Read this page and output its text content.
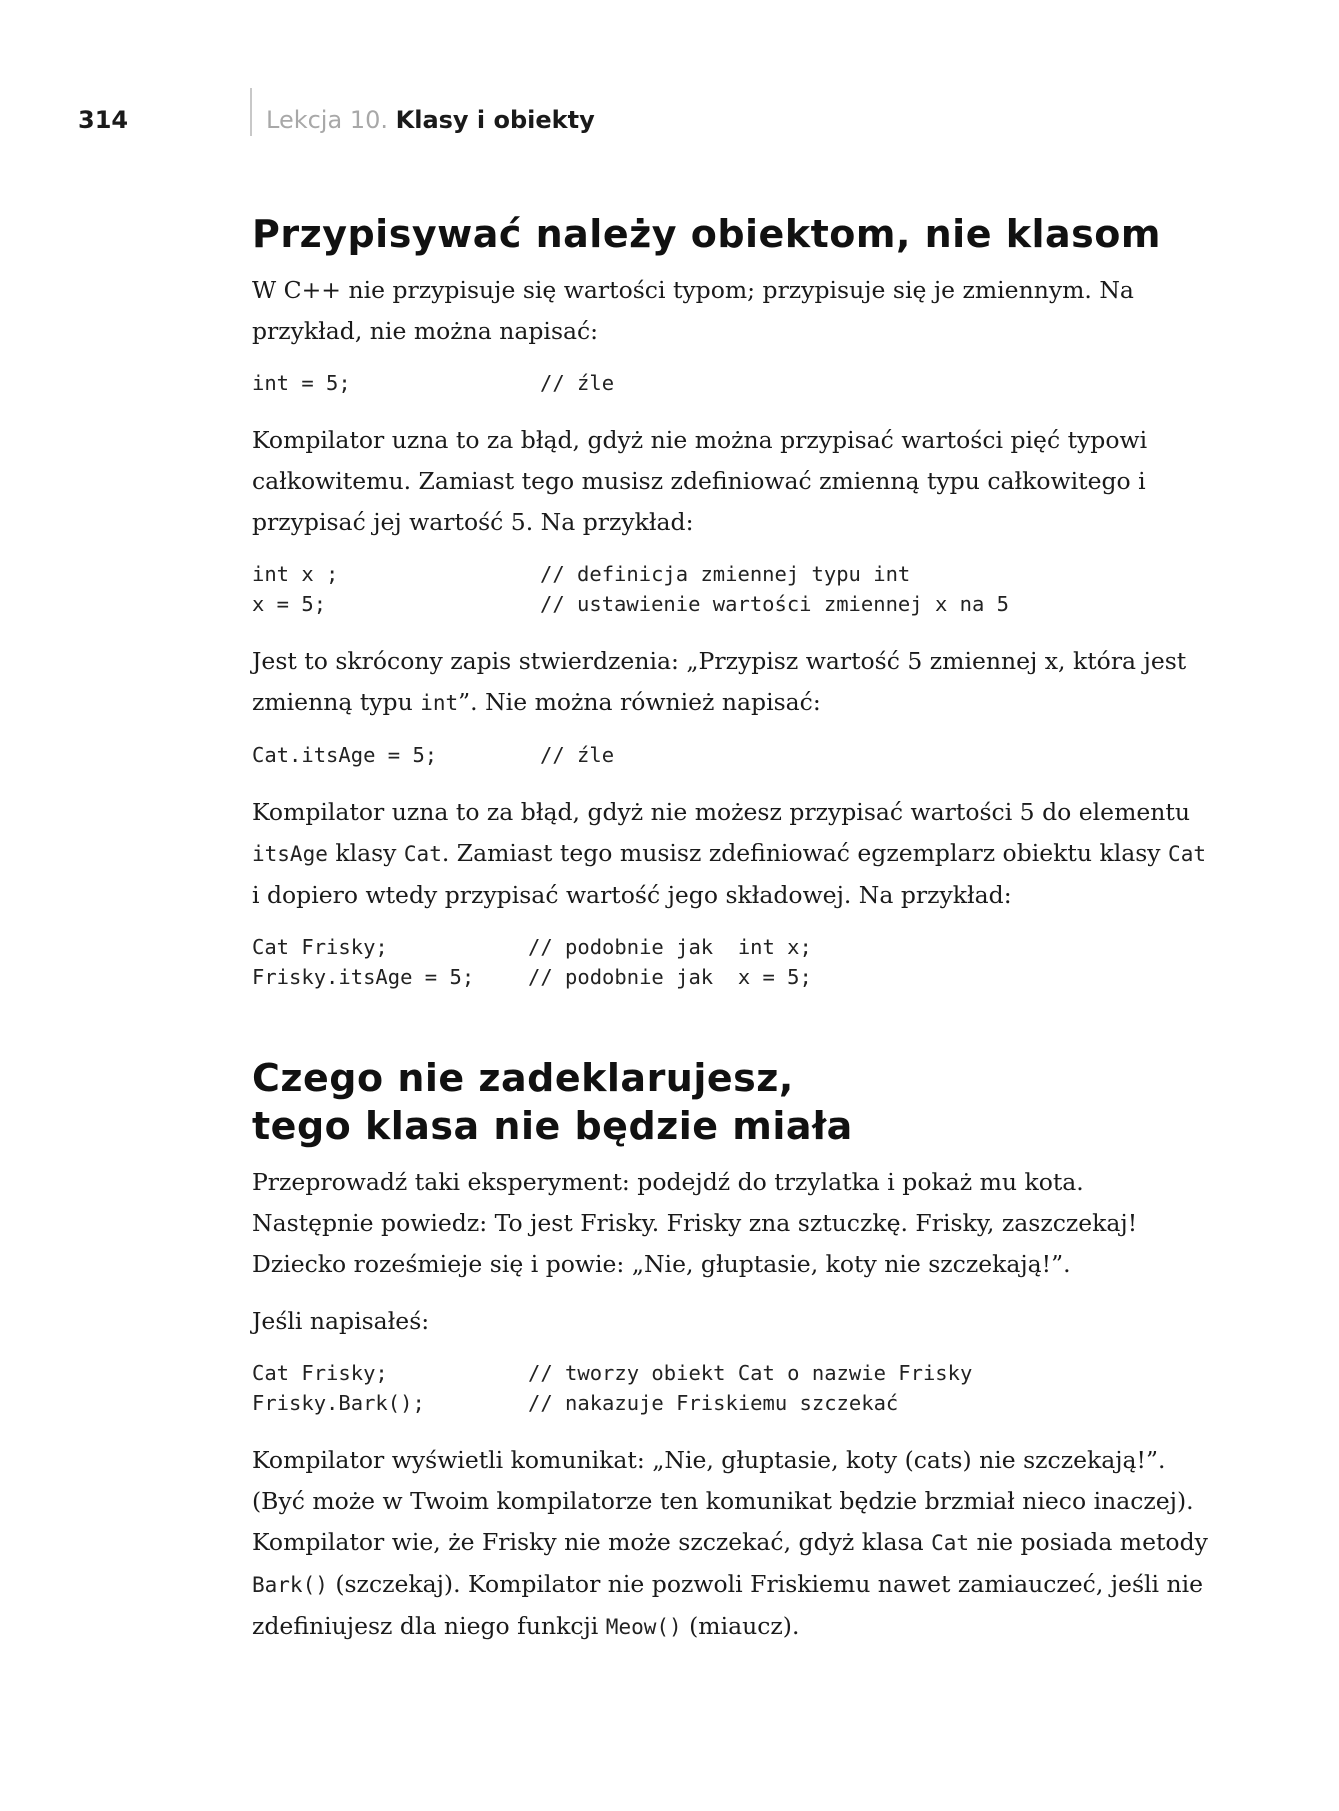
314	Lekcja 10. Klasy i obiekty
Przypisywać należy obiektom, nie klasom

W C++ nie przypisuje się wartości typom; przypisuje się je zmiennym. Na przykład, nie można napisać:

int = 5;	// źle

Kompilator uzna to za błąd, gdyż nie można przypisać wartości pięć typowi całkowitemu. Zamiast tego musisz zdefiniować zmienną typu całkowitego i przypisać jej wartość 5. Na przykład:

int x ;	// definicja zmiennej typu int
x = 5;	// ustawienie wartości zmiennej x na 5

Jest to skrócony zapis stwierdzenia: „Przypisz wartość 5 zmiennej x, która jest zmienną typu int”. Nie można również napisać:

Cat.itsAge = 5;	// źle

Kompilator uzna to za błąd, gdyż nie możesz przypisać wartości 5 do elementu itsAge klasy Cat. Zamiast tego musisz zdefiniować egzemplarz obiektu klasy Cat i dopiero wtedy przypisać wartość jego składowej. Na przykład:

Cat Frisky;	// podobnie jak  int x;
Frisky.itsAge = 5;	// podobnie jak  x = 5;
Czego nie zadeklarujesz,
tego klasa nie będzie miała

Przeprowadź taki eksperyment: podejdź do trzylatka i pokaż mu kota. Następnie powiedz: To jest Frisky. Frisky zna sztuczkę. Frisky, zaszczekaj! Dziecko roześmieje się i powie: „Nie, głuptasie, koty nie szczekają!”.

Jeśli napisałeś:

Cat Frisky;	// tworzy obiekt Cat o nazwie Frisky
Frisky.Bark();	// nakazuje Friskiemu szczekać

Kompilator wyświetli komunikat: „Nie, głuptasie, koty (cats) nie szczekają!”. (Być może w Twoim kompilatorze ten komunikat będzie brzmiał nieco inaczej). Kompilator wie, że Frisky nie może szczekać, gdyż klasa Cat nie posiada metody Bark() (szczekaj). Kompilator nie pozwoli Friskiemu nawet zamiauczeć, jeśli nie zdefiniujesz dla niego funkcji Meow() (miaucz).
